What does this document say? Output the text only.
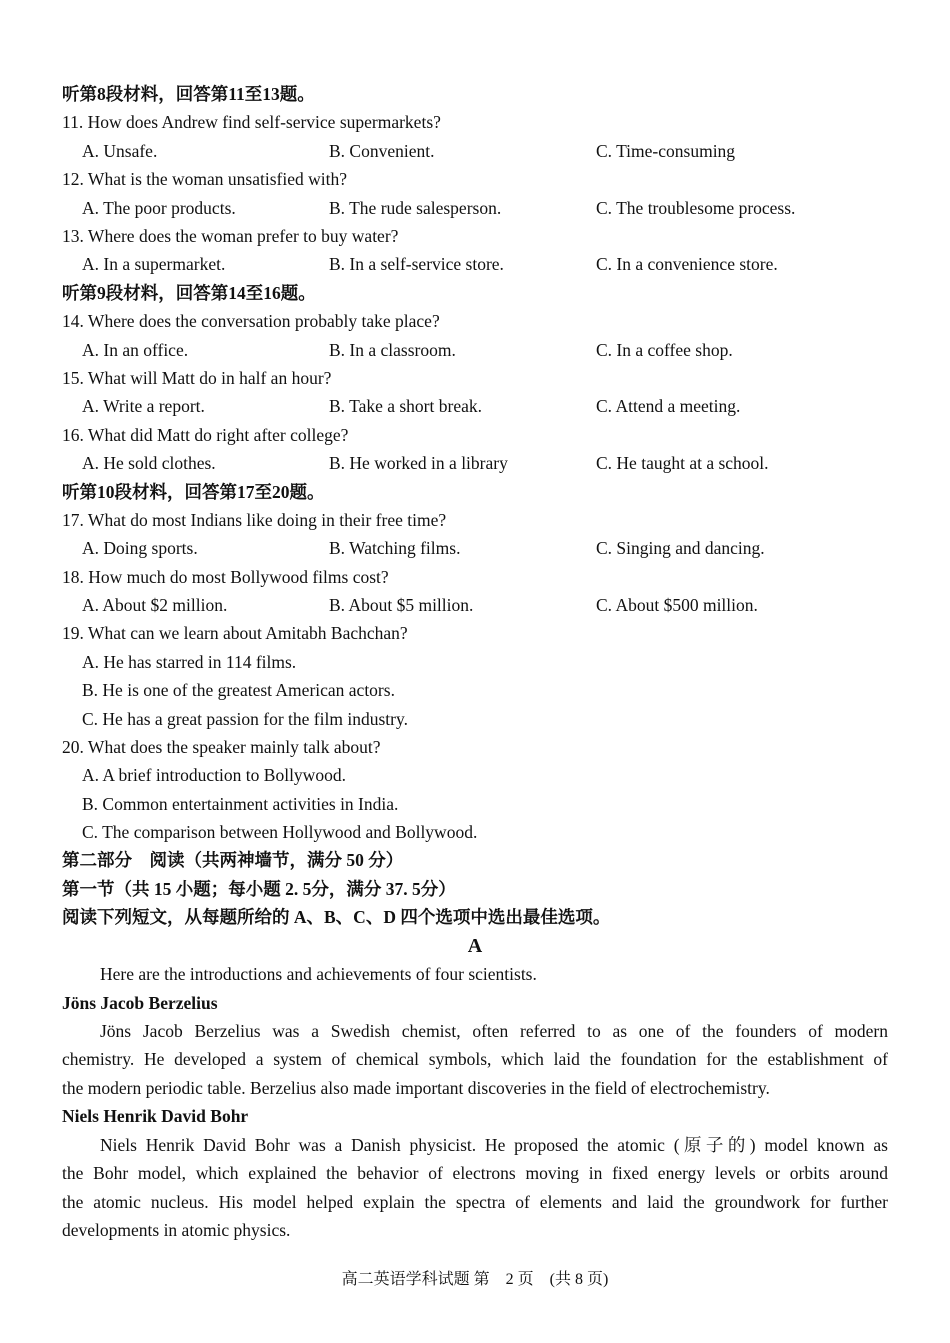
听第8段材料，回答第11至13题。
11. How does Andrew find self-service supermarkets?
A. Unsafe.	B. Convenient.	C. Time-consuming
12. What is the woman unsatisfied with?
A. The poor products.	B. The rude salesperson.	C. The troublesome process.
13. Where does the woman prefer to buy water?
A. In a supermarket.	B. In a self-service store.	C. In a convenience store.
听第9段材料，回答第14至16题。
14. Where does the conversation probably take place?
A. In an office.	B. In a classroom.	C. In a coffee shop.
15. What will Matt do in half an hour?
A. Write a report.	B. Take a short break.	C. Attend a meeting.
16. What did Matt do right after college?
A. He sold clothes.	B. He worked in a library	C. He taught at a school.
听第10段材料，回答第17至20题。
17. What do most Indians like doing in their free time?
A. Doing sports.	B. Watching films.	C. Singing and dancing.
18. How much do most Bollywood films cost?
A. About $2 million.	B. About $5 million.	C. About $500 million.
19. What can we learn about Amitabh Bachchan?
A. He has starred in 114 films.
B. He is one of the greatest American actors.
C. He has a great passion for the film industry.
20. What does the speaker mainly talk about?
A. A brief introduction to Bollywood.
B. Common entertainment activities in India.
C. The comparison between Hollywood and Bollywood.
第二部分　阅读（共两神墙节，满分 50 分）
第一节（共 15 小题；每小题 2. 5分，满分 37. 5分）
阅读下列短文，从每题所给的 A、B、C、D 四个选项中选出最佳选项。
A
Here are the introductions and achievements of four scientists.
Jöns Jacob Berzelius
Jöns Jacob Berzelius was a Swedish chemist, often referred to as one of the founders of modern
chemistry. He developed a system of chemical symbols, which laid the foundation for the establishment of
the modern periodic table. Berzelius also made important discoveries in the field of electrochemistry.
Niels Henrik David Bohr
Niels Henrik David Bohr was a Danish physicist. He proposed the atomic (原子的) model known as
the Bohr model, which explained the behavior of electrons moving in fixed energy levels or orbits around
the atomic nucleus. His model helped explain the spectra of elements and laid the groundwork for further
developments in atomic physics.
高二英语学科试题 第　2 页　(共 8 页)
